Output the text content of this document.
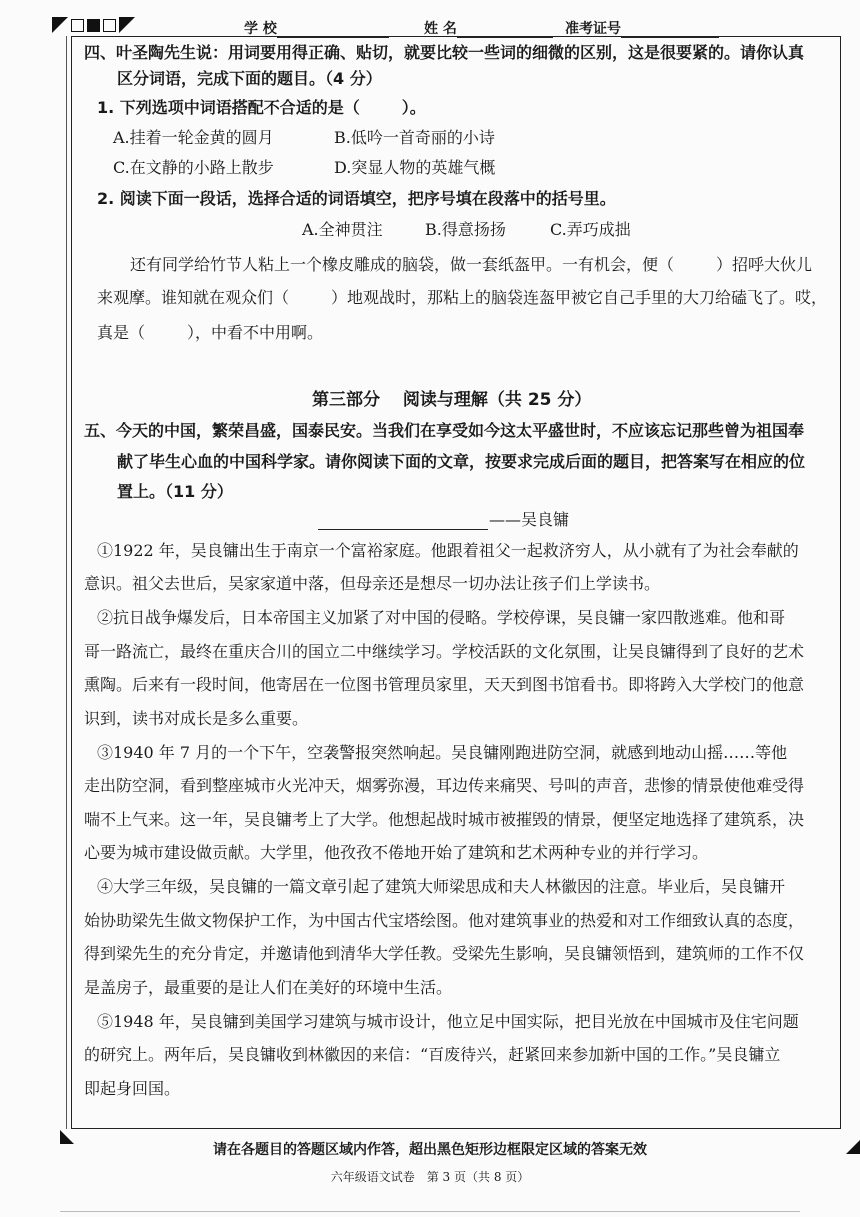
学 校	姓 名	准考证号
四、叶圣陶先生说：用词要用得正确、贴切，就要比较一些词的细微的区别，这是很要紧的。请你认真
区分词语，完成下面的题目。（4 分）
1. 下列选项中词语搭配不合适的是（	）。
A.挂着一轮金黄的圆月	B.低吟一首奇丽的小诗
C.在文静的小路上散步	D.突显人物的英雄气概
2. 阅读下面一段话，选择合适的词语填空，把序号填在段落中的括号里。
A.全神贯注	B.得意扬扬	C.弄巧成拙
还有同学给竹节人粘上一个橡皮雕成的脑袋，做一套纸盔甲。一有机会，便（	）招呼大伙儿
来观摩。谁知就在观众们（	）地观战时，那粘上的脑袋连盔甲被它自己手里的大刀给磕飞了。哎，
真是（	），中看不中用啊。
第三部分　 阅读与理解（共 25 分）
五、今天的中国，繁荣昌盛，国泰民安。当我们在享受如今这太平盛世时，不应该忘记那些曾为祖国奉
献了毕生心血的中国科学家。请你阅读下面的文章，按要求完成后面的题目，把答案写在相应的位
置上。（11 分）
——吴良镛
①1922 年，吴良镛出生于南京一个富裕家庭。他跟着祖父一起救济穷人，从小就有了为社会奉献的
意识。祖父去世后，吴家家道中落，但母亲还是想尽一切办法让孩子们上学读书。
②抗日战争爆发后，日本帝国主义加紧了对中国的侵略。学校停课，吴良镛一家四散逃难。他和哥
哥一路流亡，最终在重庆合川的国立二中继续学习。学校活跃的文化氛围，让吴良镛得到了良好的艺术
熏陶。后来有一段时间，他寄居在一位图书管理员家里，天天到图书馆看书。即将跨入大学校门的他意
识到，读书对成长是多么重要。
③1940 年 7 月的一个下午，空袭警报突然响起。吴良镛刚跑进防空洞，就感到地动山摇……等他
走出防空洞，看到整座城市火光冲天，烟雾弥漫，耳边传来痛哭、号叫的声音，悲惨的情景使他难受得
喘不上气来。这一年，吴良镛考上了大学。他想起战时城市被摧毁的情景，便坚定地选择了建筑系，决
心要为城市建设做贡献。大学里，他孜孜不倦地开始了建筑和艺术两种专业的并行学习。
④大学三年级，吴良镛的一篇文章引起了建筑大师梁思成和夫人林徽因的注意。毕业后，吴良镛开
始协助梁先生做文物保护工作，为中国古代宝塔绘图。他对建筑事业的热爱和对工作细致认真的态度，
得到梁先生的充分肯定，并邀请他到清华大学任教。受梁先生影响，吴良镛领悟到，建筑师的工作不仅
是盖房子，最重要的是让人们在美好的环境中生活。
⑤1948 年，吴良镛到美国学习建筑与城市设计，他立足中国实际，把目光放在中国城市及住宅问题
的研究上。两年后，吴良镛收到林徽因的来信：“百废待兴，赶紧回来参加新中国的工作。”吴良镛立
即起身回国。
请在各题目的答题区域内作答，超出黑色矩形边框限定区域的答案无效
六年级语文试卷　第 3 页（共 8 页）
